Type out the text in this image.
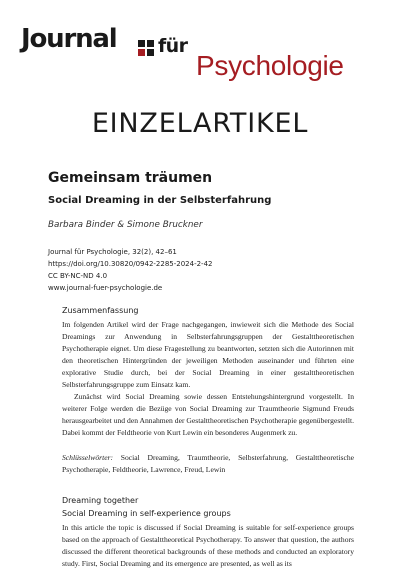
Journal für
Psychologie
EINZELARTIKEL
Gemeinsam träumen
Social Dreaming in der Selbsterfahrung
Barbara Binder & Simone Bruckner
Journal für Psychologie, 32(2), 42–61
https://doi.org/10.30820/0942-2285-2024-2-42
CC BY-NC-ND 4.0
www.journal-fuer-psychologie.de
Zusammenfassung

Im folgenden Artikel wird der Frage nachgegangen, inwieweit sich die Methode des Social Dreamings zur Anwendung in Selbsterfahrungsgruppen der Gestalttheoretischen Psychotherapie eignet. Um diese Fragestellung zu beantworten, setzten sich die Autorinnen mit den theoretischen Hintergründen der jeweiligen Methoden auseinander und führten eine explorative Studie durch, bei der Social Dreaming in einer gestalttheoretischen Selbsterfahrungsgruppe zum Einsatz kam.

Zunächst wird Social Dreaming sowie dessen Entstehungshintergrund vorgestellt. In weiterer Folge werden die Bezüge von Social Dreaming zur Traumtheorie Sigmund Freuds herausgearbeitet und den Annahmen der Gestalttheoretischen Psychotherapie gegenübergestellt. Dabei kommt der Feldtheorie von Kurt Lewin ein besonderes Augenmerk zu.

Schlüsselwörter: Social Dreaming, Traumtheorie, Selbsterfahrung, Gestalttheoretische Psychotherapie, Feldtheorie, Lawrence, Freud, Lewin

Dreaming together
Social Dreaming in self-experience groups

In this article the topic is discussed if Social Dreaming is suitable for self-experience groups based on the approach of Gestalttheoretical Psychotherapy. To answer that question, the authors discussed the different theoretical backgrounds of these methods and conducted an exploratory study. First, Social Dreaming and its emergence are presented, as well as its
